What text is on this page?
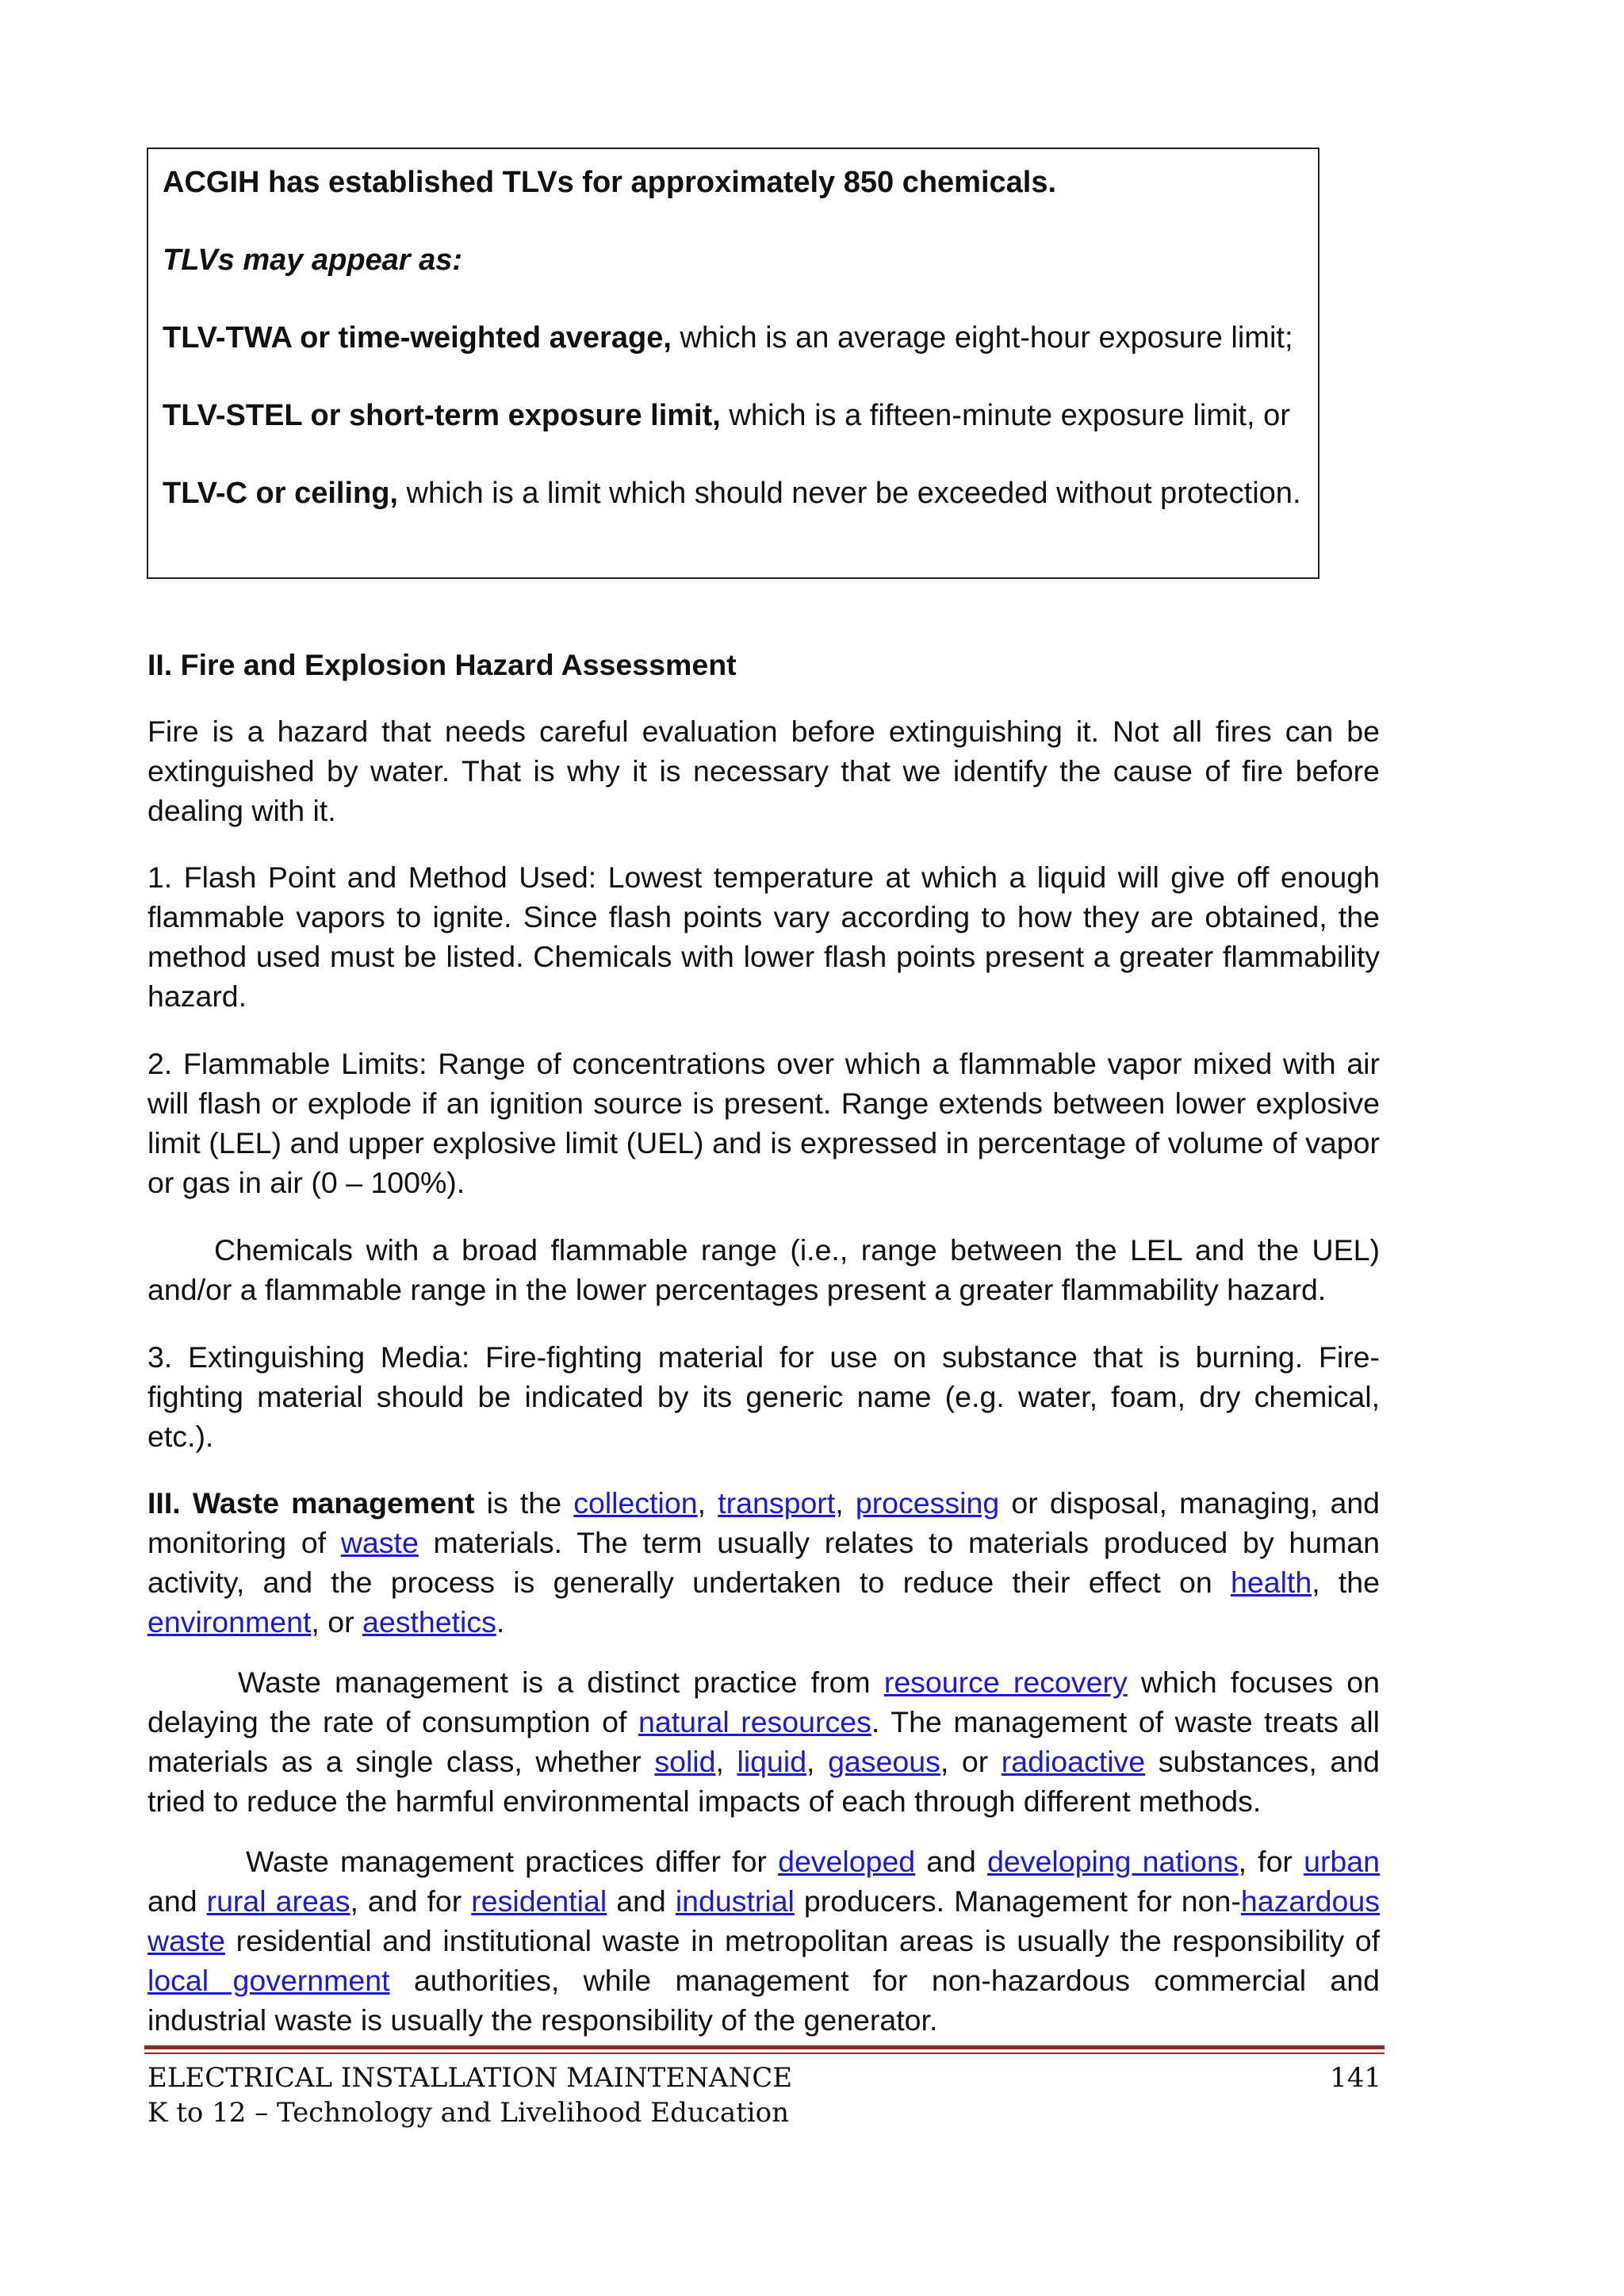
ACGIH has established TLVs for approximately 850 chemicals.
TLVs may appear as:
TLV-TWA or time-weighted average, which is an average eight-hour exposure limit;
TLV-STEL or short-term exposure limit, which is a fifteen-minute exposure limit, or
TLV-C or ceiling, which is a limit which should never be exceeded without protection.

II. Fire and Explosion Hazard Assessment

Fire is a hazard that needs careful evaluation before extinguishing it. Not all fires can be extinguished by water. That is why it is necessary that we identify the cause of fire before dealing with it.

1. Flash Point and Method Used: Lowest temperature at which a liquid will give off enough flammable vapors to ignite. Since flash points vary according to how they are obtained, the method used must be listed. Chemicals with lower flash points present a greater flammability hazard.

2. Flammable Limits: Range of concentrations over which a flammable vapor mixed with air will flash or explode if an ignition source is present. Range extends between lower explosive limit (LEL) and upper explosive limit (UEL) and is expressed in percentage of volume of vapor or gas in air (0 – 100%).

Chemicals with a broad flammable range (i.e., range between the LEL and the UEL) and/or a flammable range in the lower percentages present a greater flammability hazard.

3. Extinguishing Media: Fire-fighting material for use on substance that is burning. Fire-fighting material should be indicated by its generic name (e.g. water, foam, dry chemical, etc.).

III. Waste management is the collection, transport, processing or disposal, managing, and monitoring of waste materials. The term usually relates to materials produced by human activity, and the process is generally undertaken to reduce their effect on health, the environment, or aesthetics.

Waste management is a distinct practice from resource recovery which focuses on delaying the rate of consumption of natural resources. The management of waste treats all materials as a single class, whether solid, liquid, gaseous, or radioactive substances, and tried to reduce the harmful environmental impacts of each through different methods.

Waste management practices differ for developed and developing nations, for urban and rural areas, and for residential and industrial producers. Management for non-hazardous waste residential and institutional waste in metropolitan areas is usually the responsibility of local government authorities, while management for non-hazardous commercial and industrial waste is usually the responsibility of the generator.

ELECTRICAL INSTALLATION MAINTENANCE	141
K to 12 – Technology and Livelihood Education
